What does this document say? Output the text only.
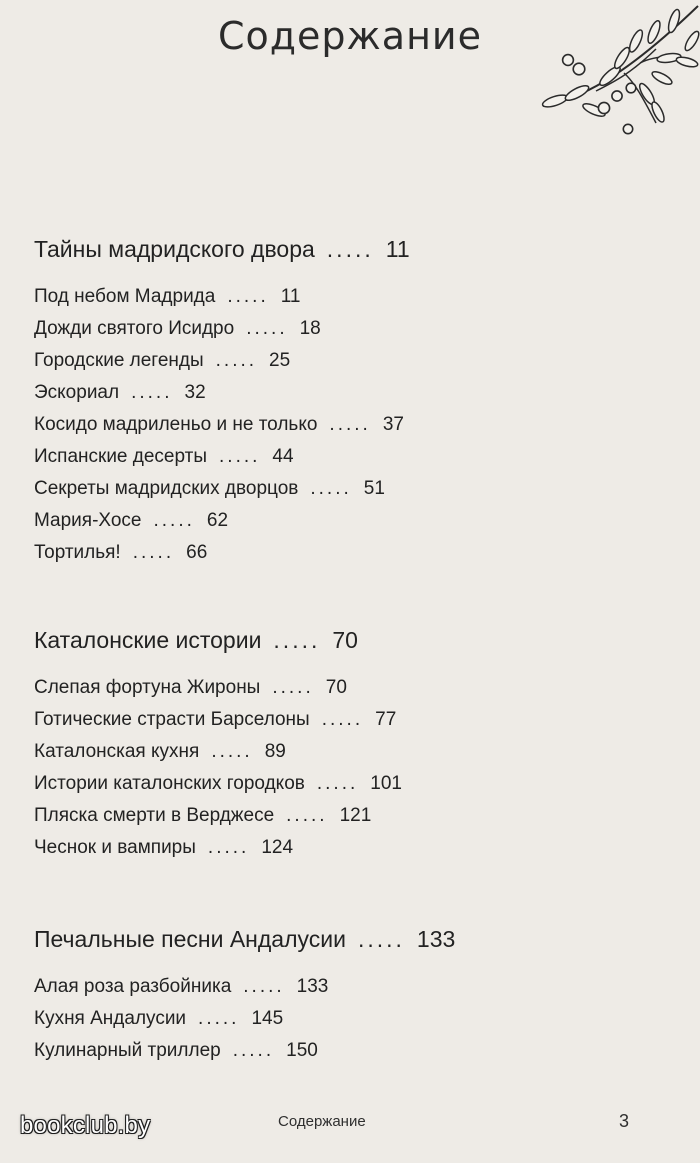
Содержание
Тайны мадридского двора ..... 11
Под небом Мадрида ..... 11
Дожди святого Исидро ..... 18
Городские легенды ..... 25
Эскориал ..... 32
Косидо мадриленьо и не только ..... 37
Испанские десерты ..... 44
Секреты мадридских дворцов ..... 51
Мария-Хосе ..... 62
Тортилья! ..... 66
Каталонские истории ..... 70
Слепая фортуна Жироны ..... 70
Готические страсти Барселоны ..... 77
Каталонская кухня ..... 89
Истории каталонских городков ..... 101
Пляска смерти в Верджесе ..... 121
Чеснок и вампиры ..... 124
Печальные песни Андалусии ..... 133
Алая роза разбойника ..... 133
Кухня Андалусии ..... 145
Кулинарный триллер ..... 150
Содержание	3
bookclub.by
